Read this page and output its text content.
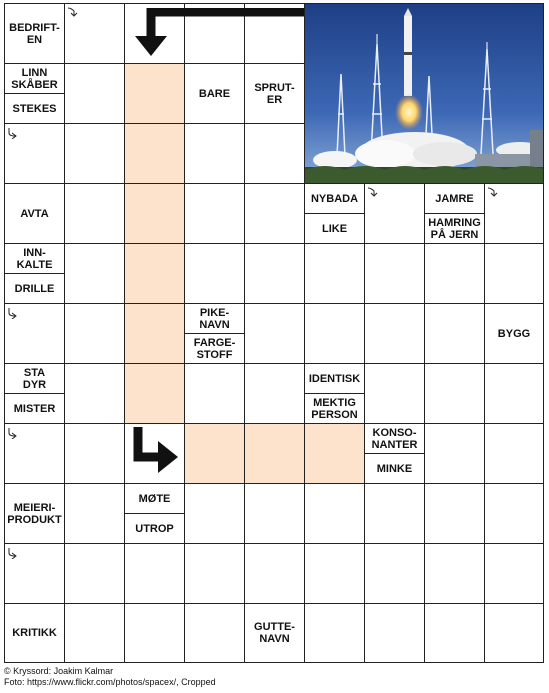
BEDRIFT-
EN
LINN
SKÅBER
STEKES
BARE SPRUT-
ER
AVTA
NYBADA
LIKE
JAMRE
HAMRING
PÅ JERN
INN-
KALTE
DRILLE
PIKE-
NAVN
FARGE-
STOFF
BYGG
STA
DYR
MISTER
IDENTISK
MEKTIG
PERSON
KONSO-
NANTER
MINKE
MEIERI-
PRODUKT
MØTE
UTROP
KRITIKK	GUTTE-
NAVN
© Kryssord: Joakim Kalmar
Foto: https://www.flickr.com/photos/spacex/, Cropped
